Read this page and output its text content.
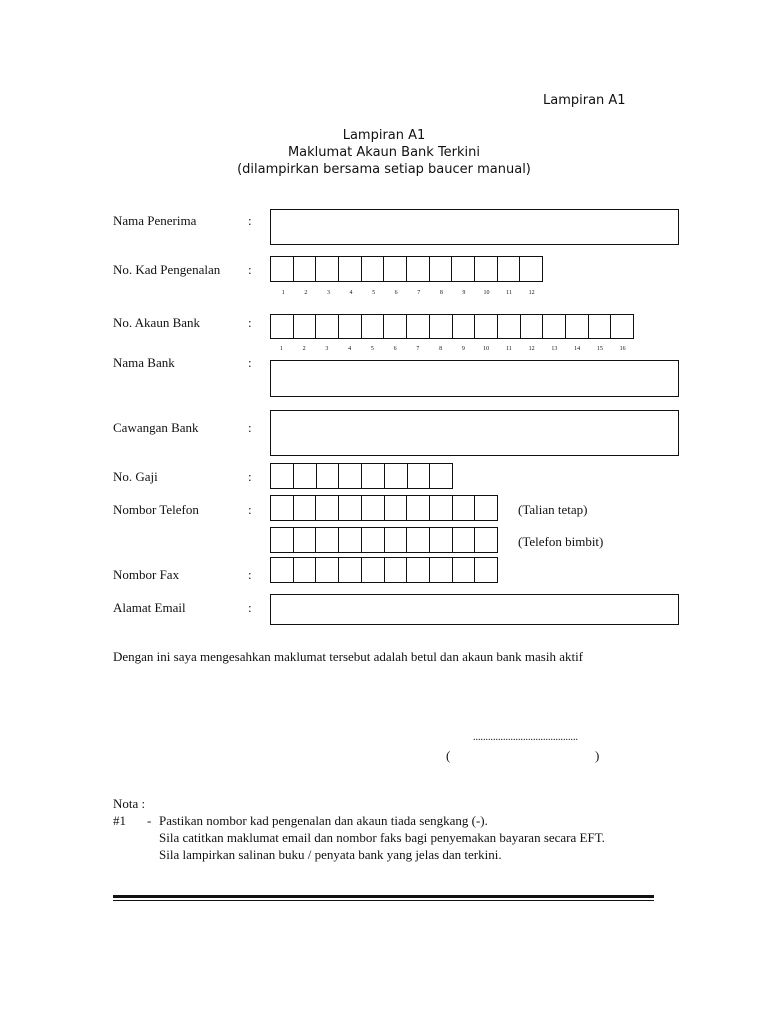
Lampiran A1
Lampiran A1
Maklumat Akaun Bank Terkini
(dilampirkan bersama setiap baucer manual)
Nama Penerima	:
No. Kad Pengenalan :
1	2	3	4	5	6	7	8	9	10	11	12
No. Akaun Bank	:
1	2	3	4	5	6	7	8	9	10	11	12	13	14	15	16
Nama Bank	:
Cawangan Bank	:
No. Gaji	:
Nombor Telefon	:	(Talian tetap)
(Telefon bimbit)
Nombor Fax	:
Alamat Email	:
Dengan ini saya mengesahkan maklumat tersebut adalah betul dan akaun bank masih aktif
..........................................
(	)
Nota :
#1 - Pastikan nombor kad pengenalan dan akaun tiada sengkang (-).
Sila catitkan maklumat email dan nombor faks bagi penyemakan bayaran secara EFT.
Sila lampirkan salinan buku / penyata bank yang jelas dan terkini.
